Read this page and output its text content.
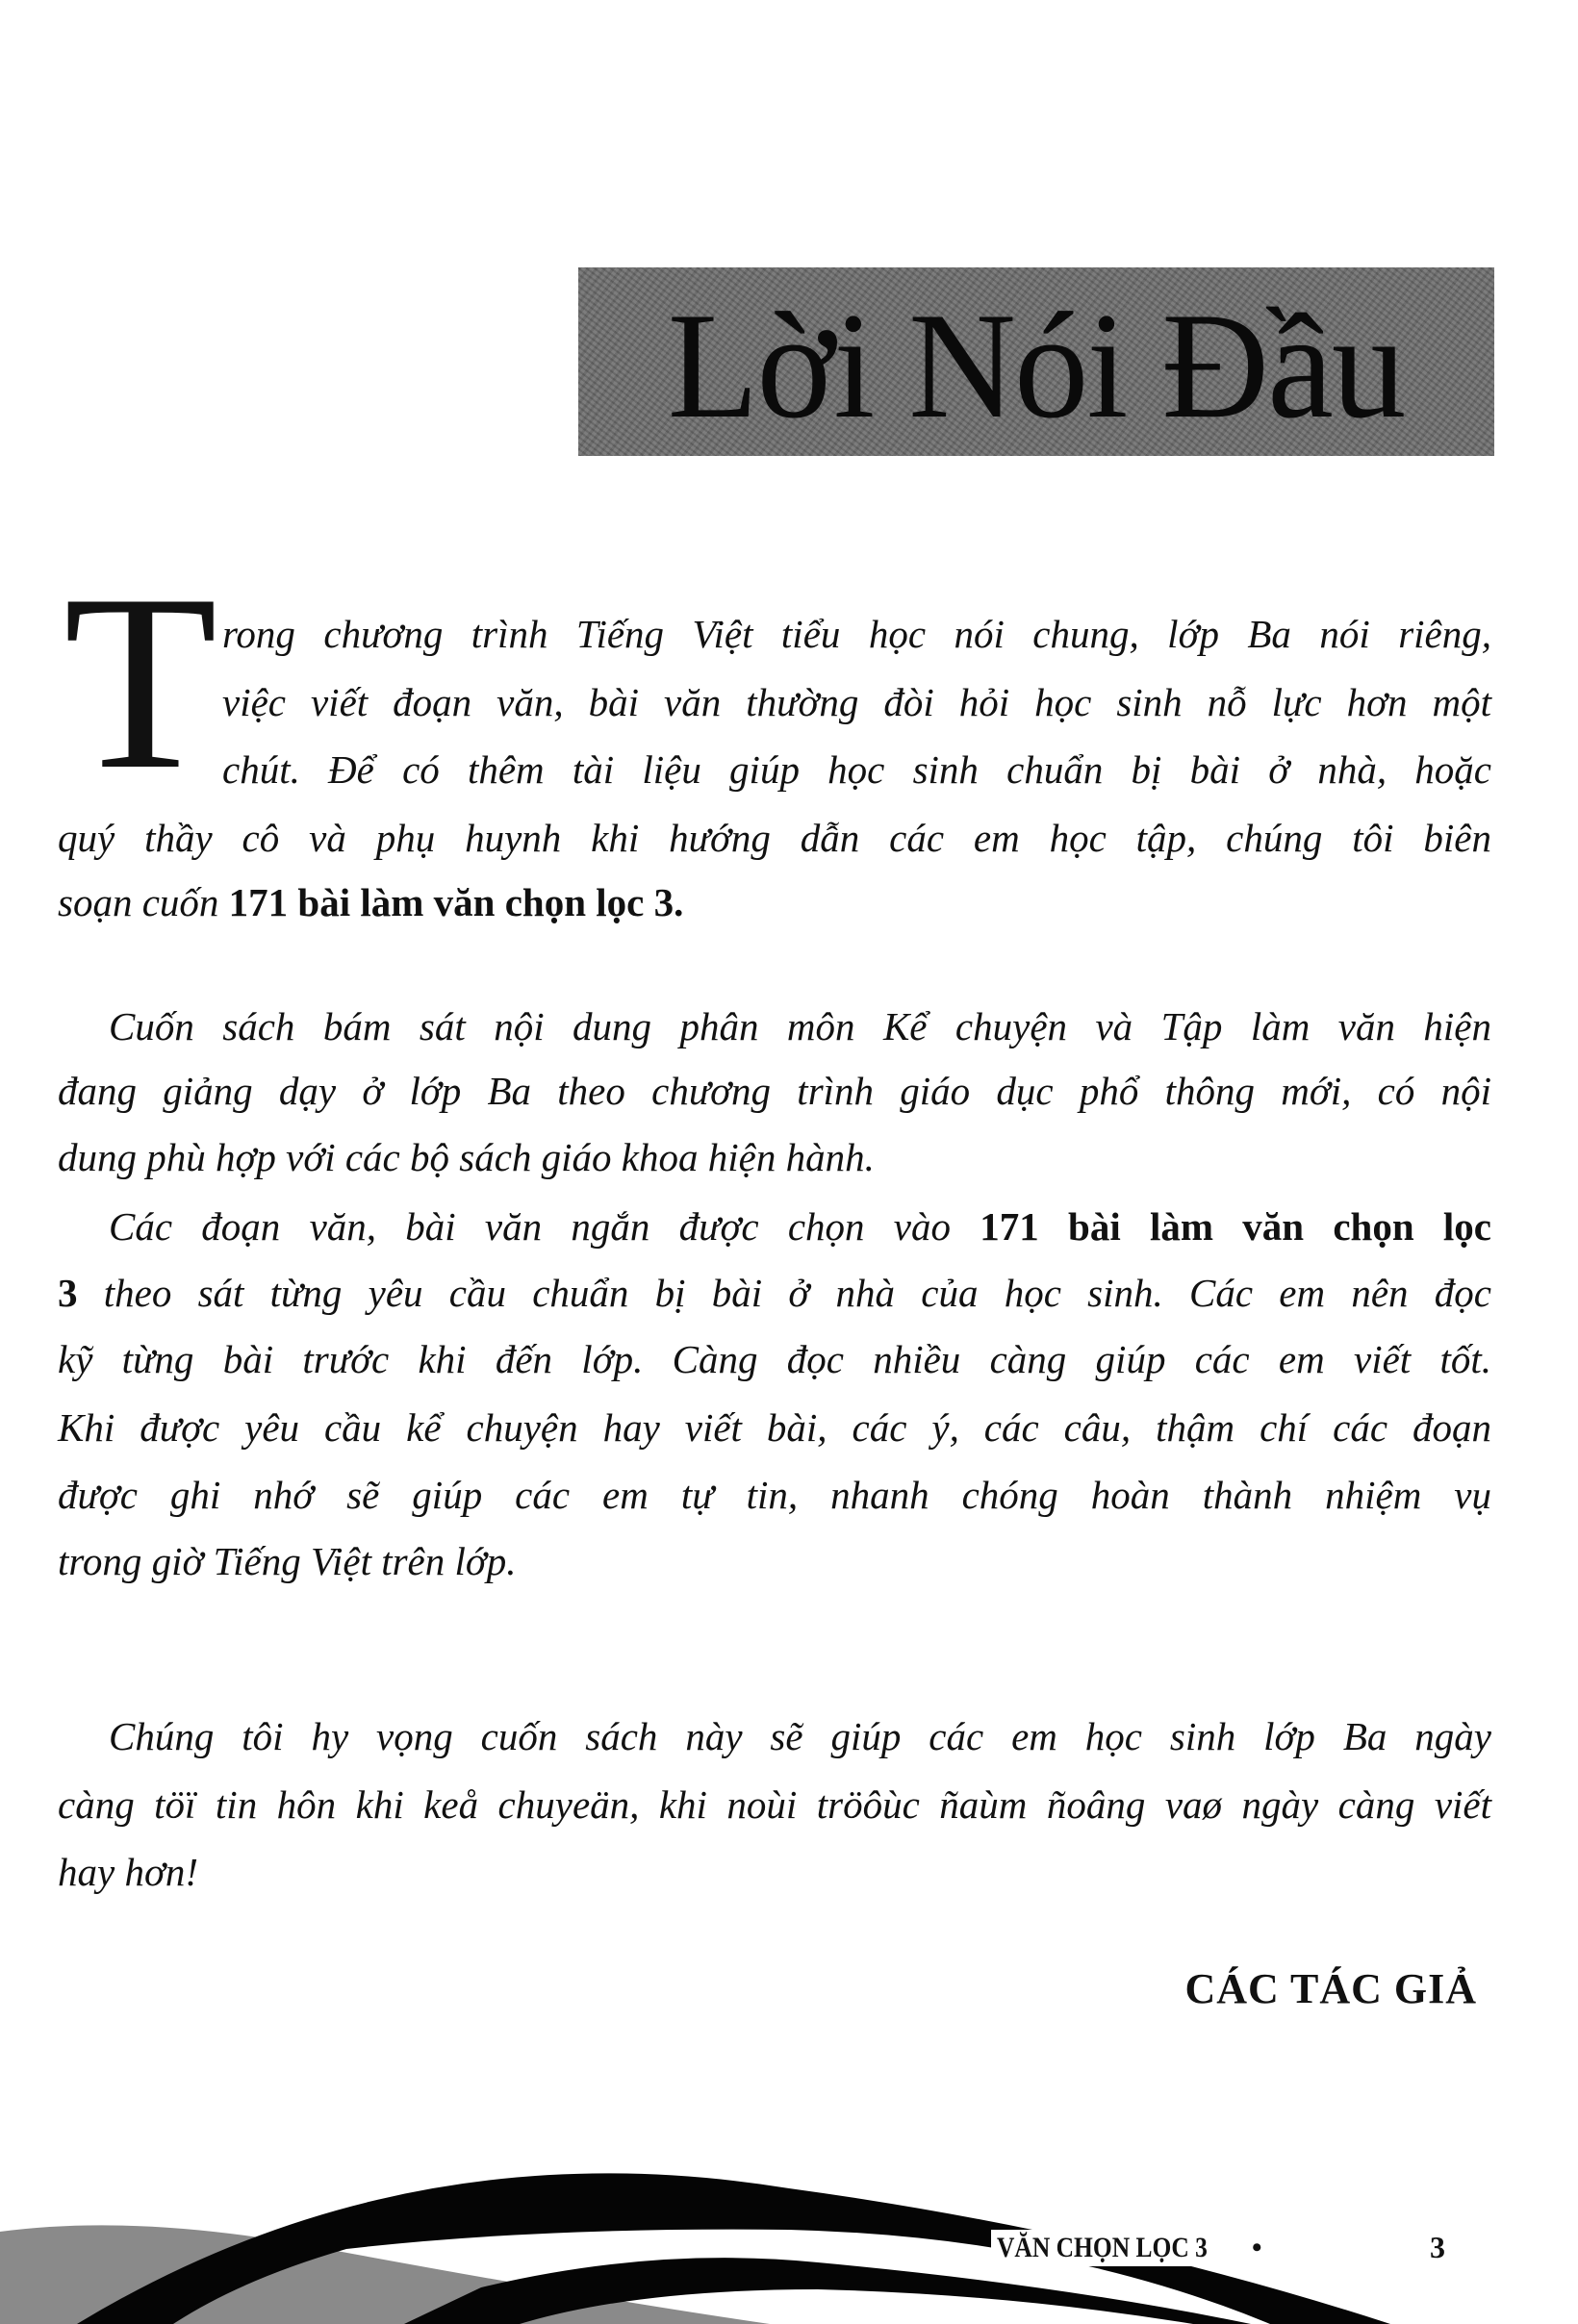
Lời Nói Đầu
T rong chương trình Tiếng Việt tiểu học nói chung, lớp Ba nói riêng,
việc viết đoạn văn, bài văn thường đòi hỏi học sinh nỗ lực hơn một
chút. Để có thêm tài liệu giúp học sinh chuẩn bị bài ở nhà, hoặc
quý thầy cô và phụ huynh khi hướng dẫn các em học tập, chúng tôi biên
soạn cuốn 171 bài làm văn chọn lọc 3.
Cuốn sách bám sát nội dung phân môn Kể chuyện và Tập làm văn hiện
đang giảng dạy ở lớp Ba theo chương trình giáo dục phổ thông mới, có nội
dung phù hợp với các bộ sách giáo khoa hiện hành.
Các đoạn văn, bài văn ngắn được chọn vào 171 bài làm văn chọn lọc
3 theo sát từng yêu cầu chuẩn bị bài ở nhà của học sinh. Các em nên đọc
kỹ từng bài trước khi đến lớp. Càng đọc nhiều càng giúp các em viết tốt.
Khi được yêu cầu kể chuyện hay viết bài, các ý, các câu, thậm chí các đoạn
được ghi nhớ sẽ giúp các em tự tin, nhanh chóng hoàn thành nhiệm vụ
trong giờ Tiếng Việt trên lớp.
Chúng tôi hy vọng cuốn sách này sẽ giúp các em học sinh lớp Ba ngày
càng töï tin hôn khi keå chuyeän, khi noùi tröôùc ñaùm ñoâng vaø ngày càng viết
hay hơn!
CÁC TÁC GIẢ
VĂN CHỌN LỌC 3 •	3
